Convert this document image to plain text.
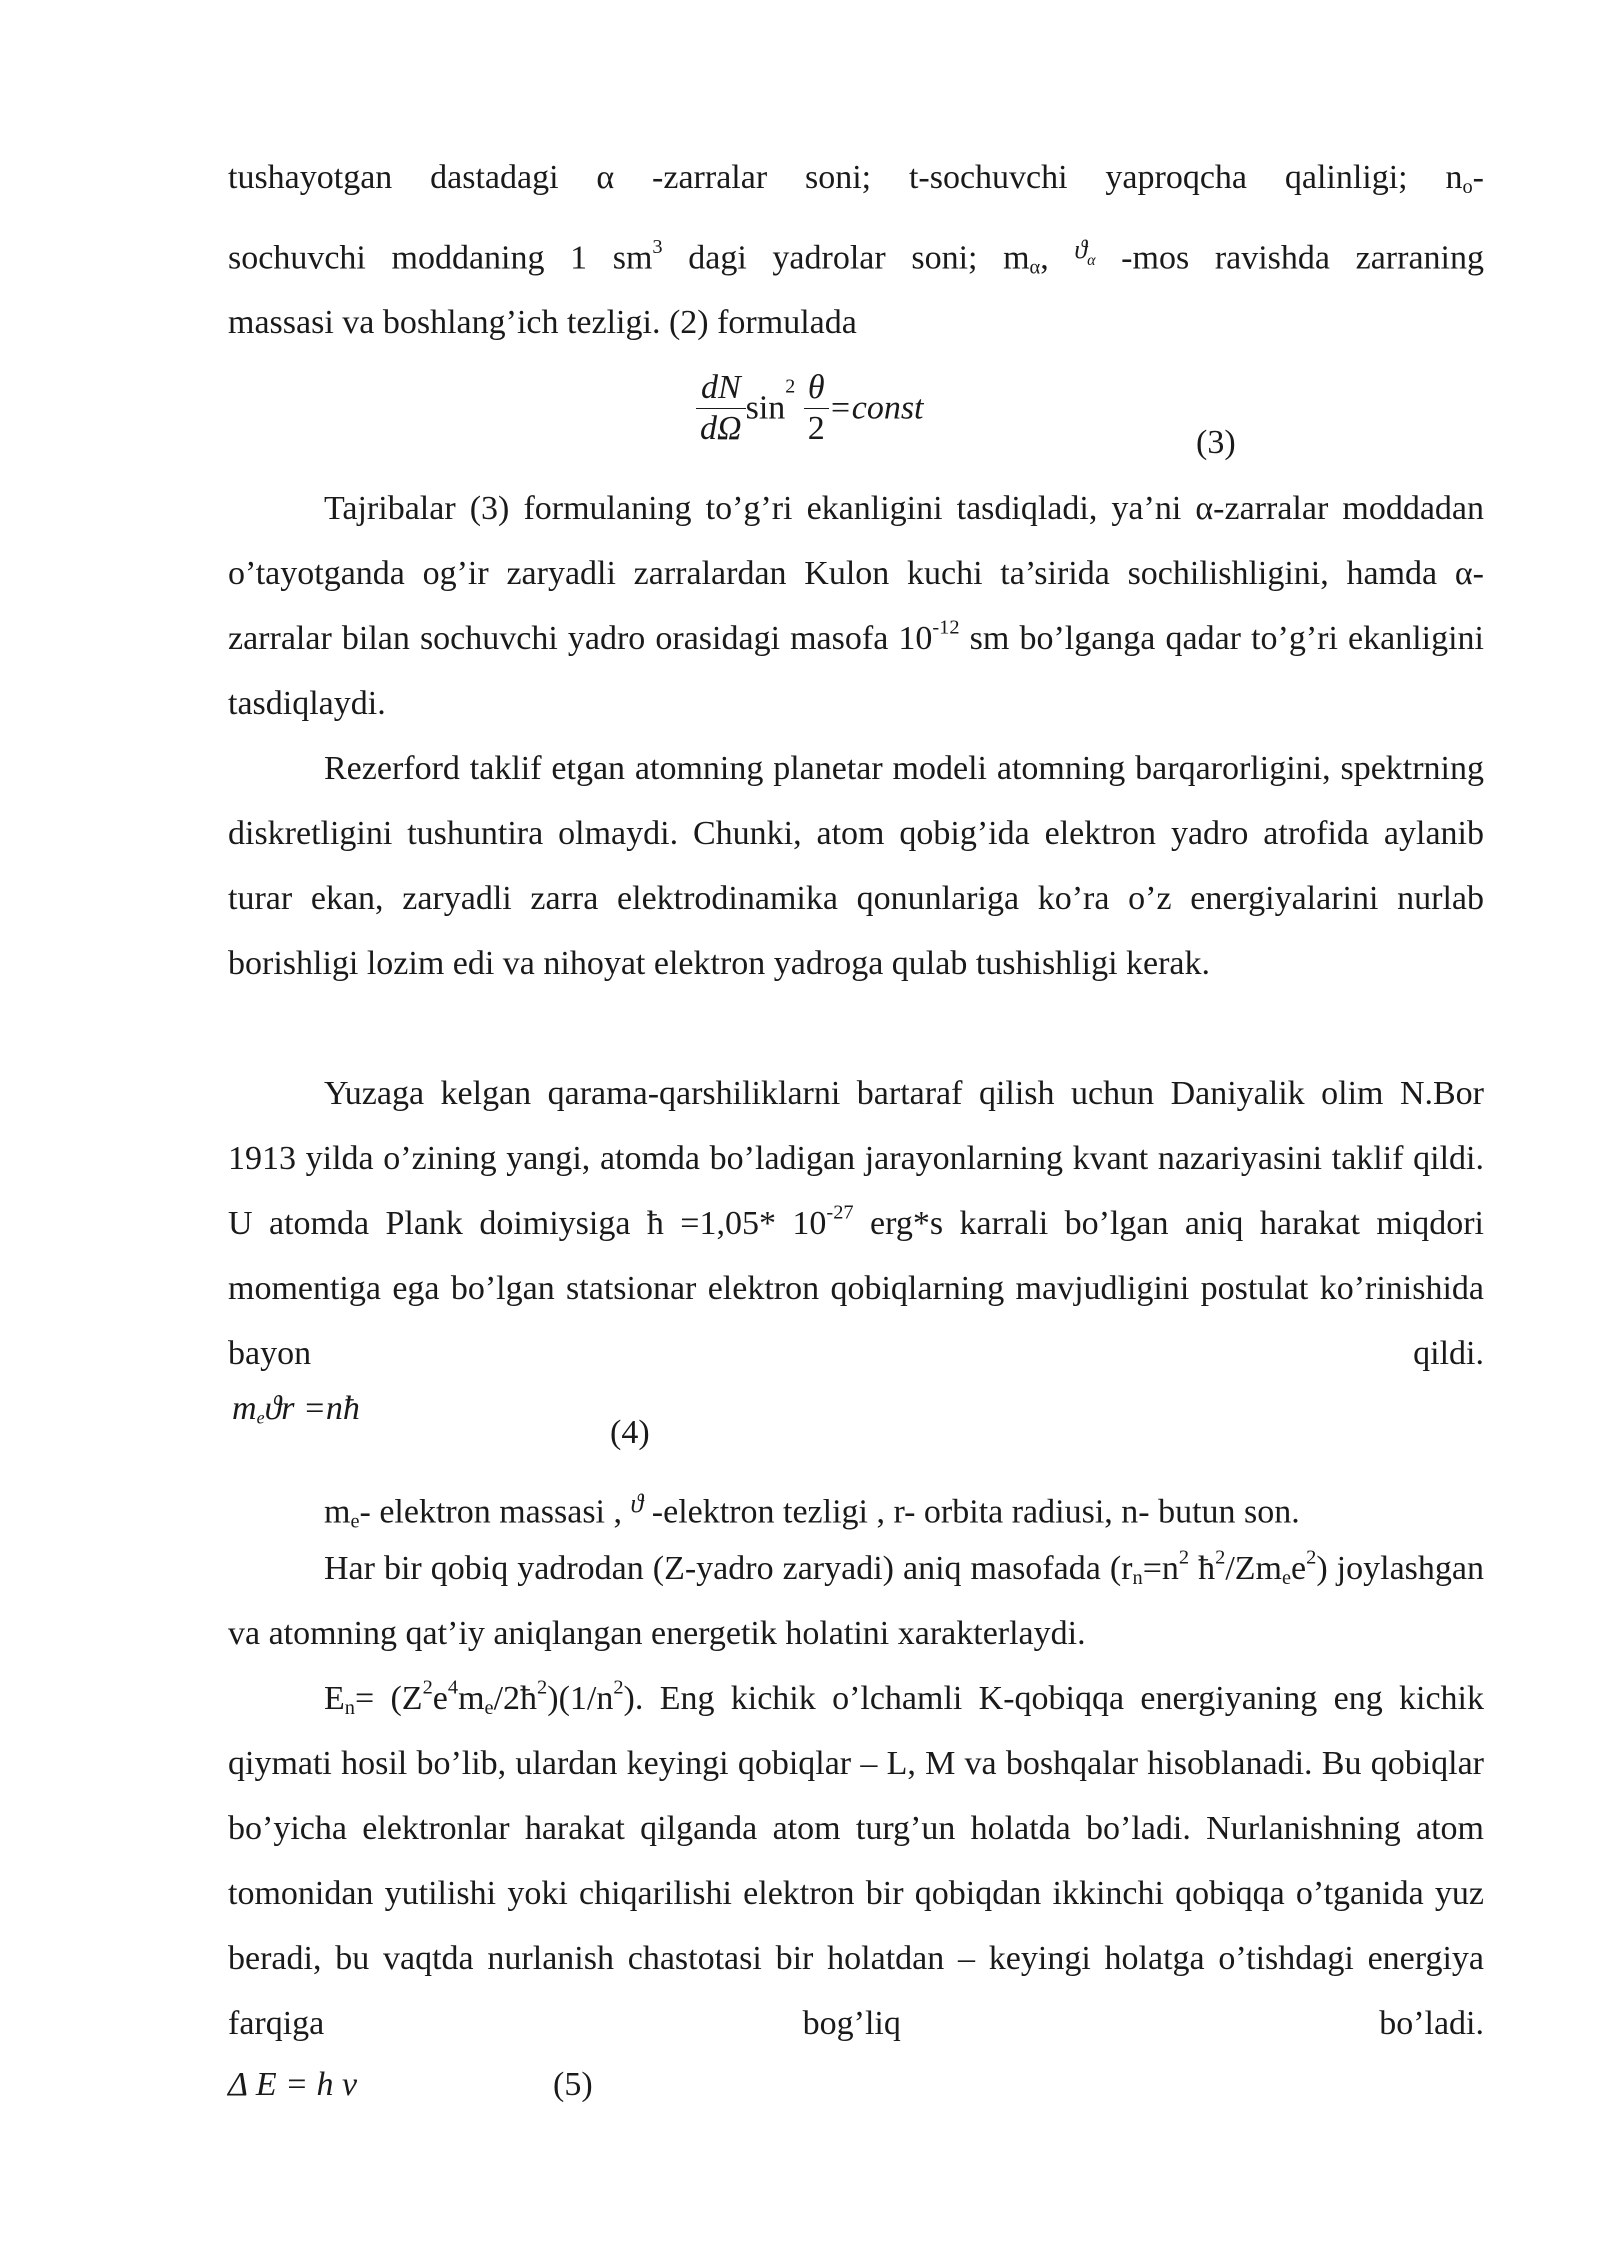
tushayotgan dastadagi α -zarralar soni; t-sochuvchi yaproqcha qalinligi; $n_o-$

sochuvchi moddaning 1 $sm^3$ dagi yadrolar soni; $m_\alpha$, $^ϑ_\alpha$ -mos ravishda zarraning

massasi va boshlang’ich tezligi. (2) formulada

$\frac{dN}{d\Omega} \sin^2 \frac{\theta}{2}$ =const
(3)

Tajribalar (3) formulaning to’g’ri ekanligini tasdiqladi, ya’ni α-zarralar moddadan o’tayotganda og’ir zaryadli zarralardan Kulon kuchi ta’sirida sochilishligini, hamda α-zarralar bilan sochuvchi yadro orasidagi masofa $10^{-12}$ sm bo’lganga qadar to’g’ri ekanligini tasdiqlaydi.

Rezerford taklif etgan atomning planetar modeli atomning barqarorligini, spektrning diskretligini tushuntira olmaydi. Chunki, atom qobig’ida elektron yadro atrofida aylanib turar ekan, zaryadli zarra elektrodinamika qonunlariga ko’ra o’z energiyalarini nurlab borishligi lozim edi va nihoyat elektron yadroga qulab tushishligi kerak.

Yuzaga kelgan qarama-qarshiliklarni bartaraf qilish uchun Daniyalik olim N.Bor 1913 yilda o’zining yangi, atomda bo’ladigan jarayonlarning kvant nazariyasini taklif qildi. U atomda Plank doimiysiga ħ =1,05* $10^{-27}$ erg*s karrali bo’lgan aniq harakat miqdori momentiga ega bo’lgan statsionar elektron qobiqlarning mavjudligini postulat ko’rinishida bayon qildi.

$m_eϑr$ =nħ
(4)

$m_e-$ elektron massasi , $^ϑ$ -elektron tezligi , r- orbita radiusi, n- butun son.

Har bir qobiq yadrodan (Z-yadro zaryadi) aniq masofada ($r_n=n^2$ $ħ^2/Zm_ee^2$) joylashgan va atomning qat’iy aniqlangan energetik holatini xarakterlaydi.

$E_n=$ $(Z^2e^4m_e/2ħ^2)(1/n^2)$. Eng kichik o’lchamli K-qobiqqa energiyaning eng kichik qiymati hosil bo’lib, ulardan keyingi qobiqlar – L, M va boshqalar hisoblanadi. Bu qobiqlar bo’yicha elektronlar harakat qilganda atom turg’un holatda bo’ladi. Nurlanishning atom tomonidan yutilishi yoki chiqarilishi elektron bir qobiqdan ikkinchi qobiqqa o’tganida yuz beradi, bu vaqtda nurlanish chastotasi bir holatdan – keyingi holatga o’tishdagi energiya farqiga bog’liq bo’ladi.

Δ E = h ν	(5)
